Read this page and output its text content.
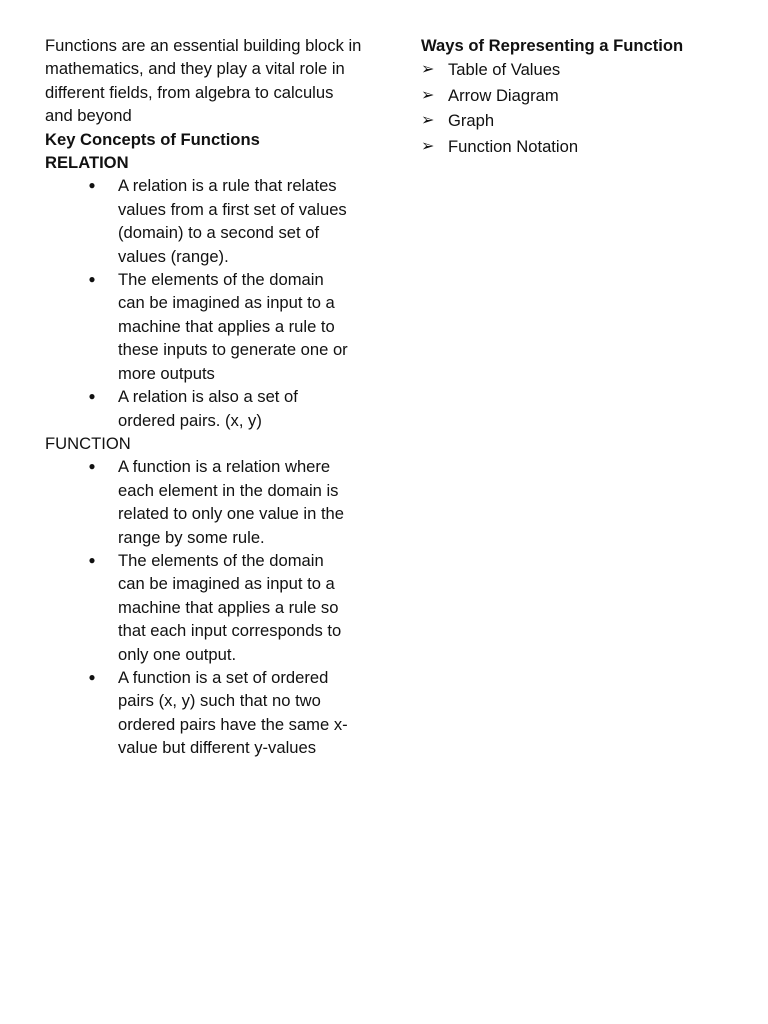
Functions are an essential building block in mathematics, and they play a vital role in different fields, from algebra to calculus and beyond

Key Concepts of Functions

RELATION

●	A relation is a rule that relates values from a first set of values (domain) to a second set of values (range).
●	The elements of the domain can be imagined as input to a machine that applies a rule to these inputs to generate one or more outputs
●	A relation is also a set of ordered pairs. (x, y)

FUNCTION

●	A function is a relation where each element in the domain is related to only one value in the range by some rule.
●	The elements of the domain can be imagined as input to a machine that applies a rule so that each input corresponds to only one output.
●	A function is a set of ordered pairs (x, y) such that no two ordered pairs have the same x-value but different y-values

Ways of Representing a Function

➢ Table of Values
➢ Arrow Diagram
➢ Graph
➢ Function Notation
